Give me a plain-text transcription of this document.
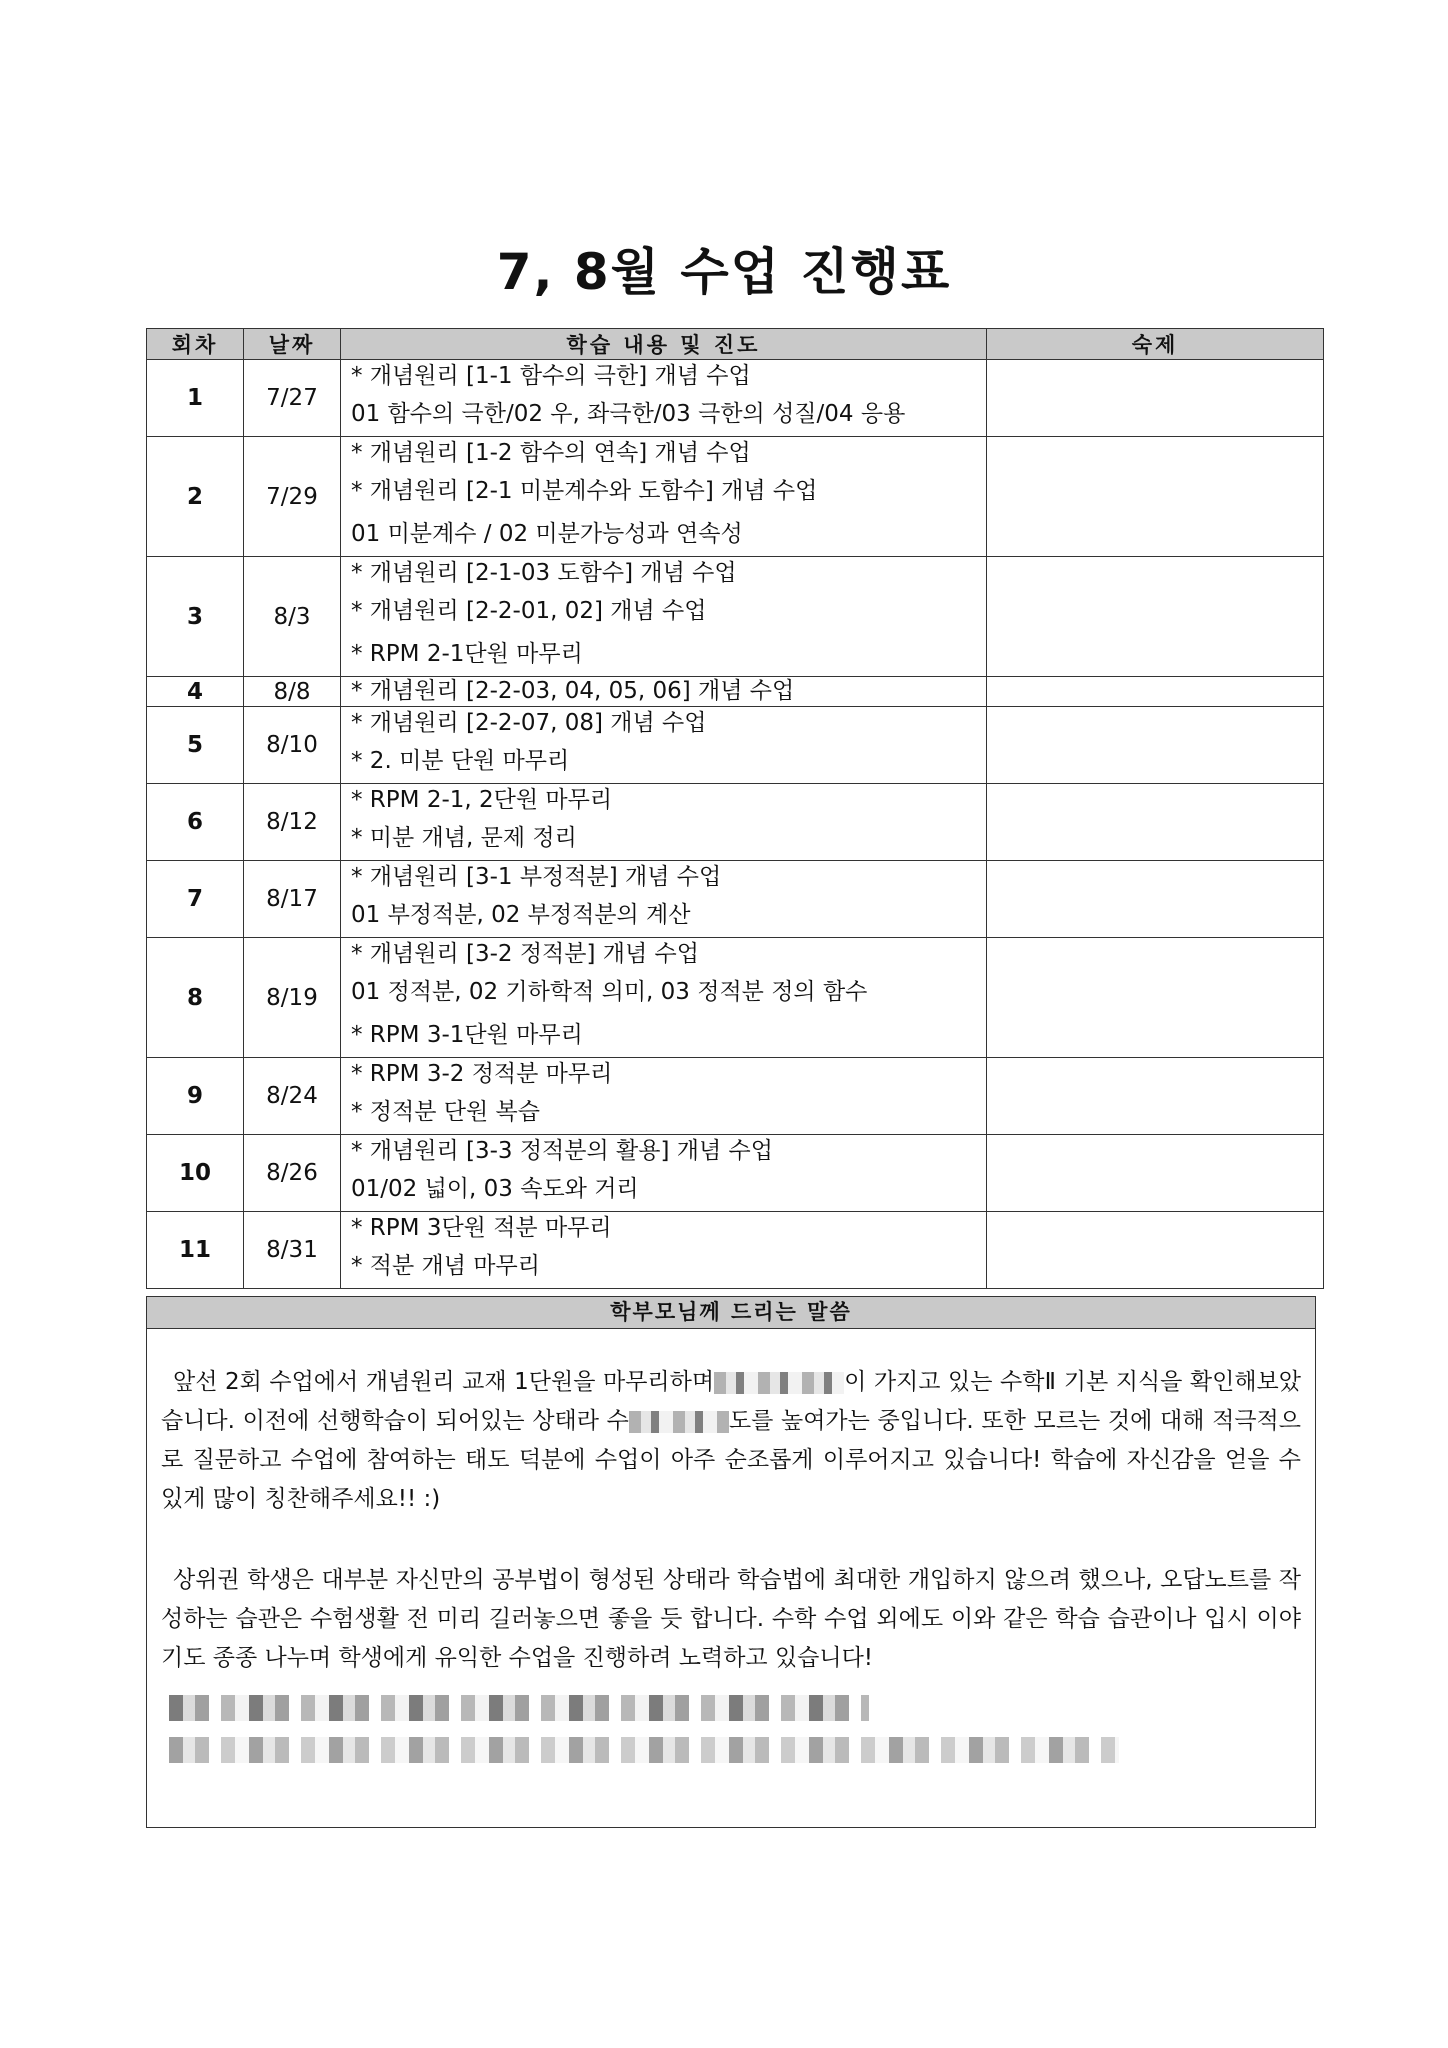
7, 8월 수업 진행표
회차	날짜	학습 내용 및 진도	숙제
1	7/27	* 개념원리 [1-1 함수의 극한] 개념 수업
01 함수의 극한/02 우, 좌극한/03 극한의 성질/04 응용	

2	7/29	* 개념원리 [1-2 함수의 연속] 개념 수업
* 개념원리 [2-1 미분계수와 도함수] 개념 수업
01 미분계수 / 02 미분가능성과 연속성	

3	8/3	* 개념원리 [2-1-03 도함수] 개념 수업
* 개념원리 [2-2-01, 02] 개념 수업
* RPM 2-1단원 마무리	

4	8/8	* 개념원리 [2-2-03, 04, 05, 06] 개념 수업	

5	8/10	* 개념원리 [2-2-07, 08] 개념 수업
* 2. 미분 단원 마무리	

6	8/12	* RPM 2-1, 2단원 마무리
* 미분 개념, 문제 정리	

7	8/17	* 개념원리 [3-1 부정적분] 개념 수업
01 부정적분, 02 부정적분의 계산	

8	8/19	* 개념원리 [3-2 정적분] 개념 수업
01 정적분, 02 기하학적 의미, 03 정적분 정의 함수
* RPM 3-1단원 마무리	

9	8/24	* RPM 3-2 정적분 마무리
* 정적분 단원 복습	

10	8/26	* 개념원리 [3-3 정적분의 활용] 개념 수업
01/02 넓이, 03 속도와 거리	

11	8/31	* RPM 3단원 적분 마무리
* 적분 개념 마무리	

학부모님께 드리는 말씀
앞선 2회 수업에서 개념원리 교재 1단원을 마무리하며	이 가지고 있는 수학Ⅱ 기본 지식을 확인해보았습니다. 이전에 선행학습이 되어있는 상태라 수	도를 높여가는 중입니다. 또한 모르는 것에 대해 적극적으로 질문하고 수업에 참여하는 태도 덕분에 수업이 아주 순조롭게 이루어지고 있습니다! 학습에 자신감을 얻을 수 있게 많이 칭찬해주세요!! :)
상위권 학생은 대부분 자신만의 공부법이 형성된 상태라 학습법에 최대한 개입하지 않으려 했으나, 오답노트를 작성하는 습관은 수험생활 전 미리 길러놓으면 좋을 듯 합니다. 수학 수업 외에도 이와 같은 학습 습관이나 입시 이야기도 종종 나누며 학생에게 유익한 수업을 진행하려 노력하고 있습니다!
